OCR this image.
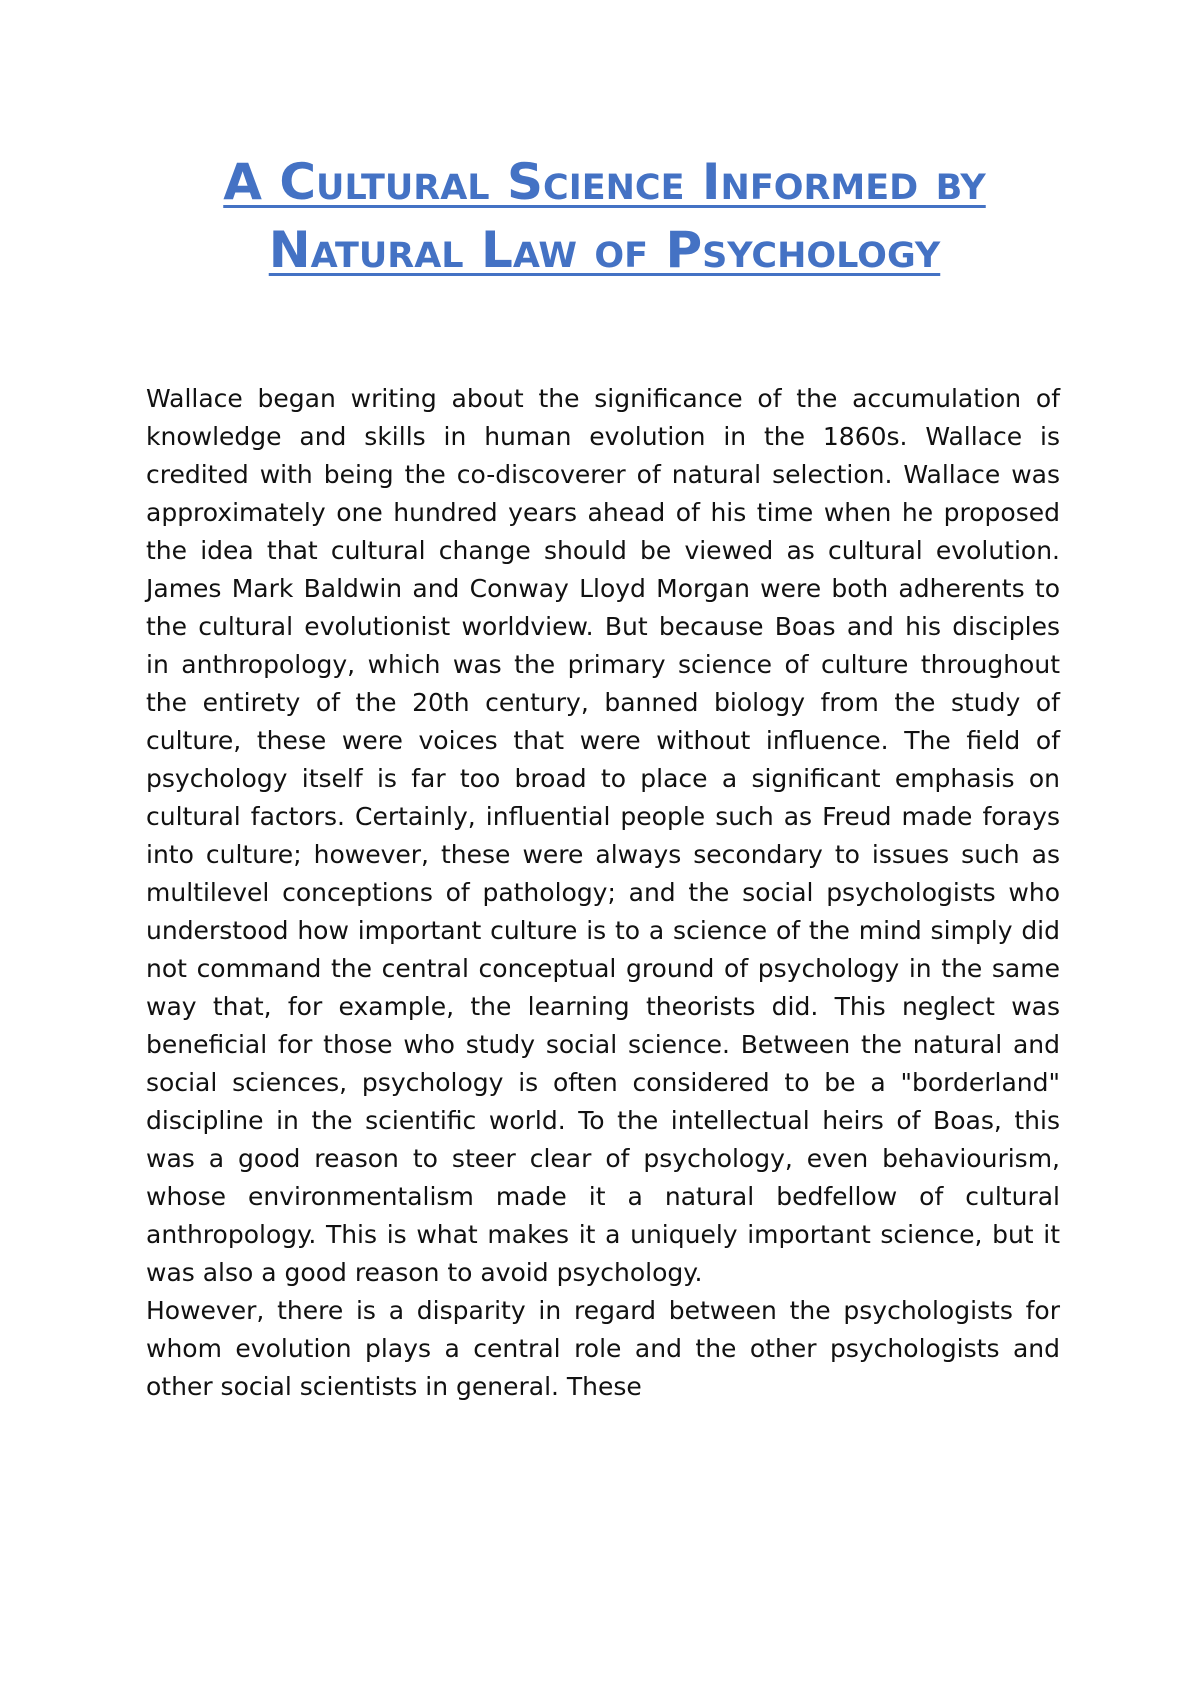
A Cultural Science Informed by Natural Law of Psychology

Wallace began writing about the significance of the accumulation of knowledge and skills in human evolution in the 1860s. Wallace is credited with being the co-discoverer of natural selection. Wallace was approximately one hundred years ahead of his time when he proposed the idea that cultural change should be viewed as cultural evolution. James Mark Baldwin and Conway Lloyd Morgan were both adherents to the cultural evolutionist worldview. But because Boas and his disciples in anthropology, which was the primary science of culture throughout the entirety of the 20th century, banned biology from the study of culture, these were voices that were without influence. The field of psychology itself is far too broad to place a significant emphasis on cultural factors. Certainly, influential people such as Freud made forays into culture; however, these were always secondary to issues such as multilevel conceptions of pathology; and the social psychologists who understood how important culture is to a science of the mind simply did not command the central conceptual ground of psychology in the same way that, for example, the learning theorists did. This neglect was beneficial for those who study social science. Between the natural and social sciences, psychology is often considered to be a "borderland" discipline in the scientific world. To the intellectual heirs of Boas, this was a good reason to steer clear of psychology, even behaviourism, whose environmentalism made it a natural bedfellow of cultural anthropology. This is what makes it a uniquely important science, but it was also a good reason to avoid psychology.

However, there is a disparity in regard between the psychologists for whom evolution plays a central role and the other psychologists and other social scientists in general. These
